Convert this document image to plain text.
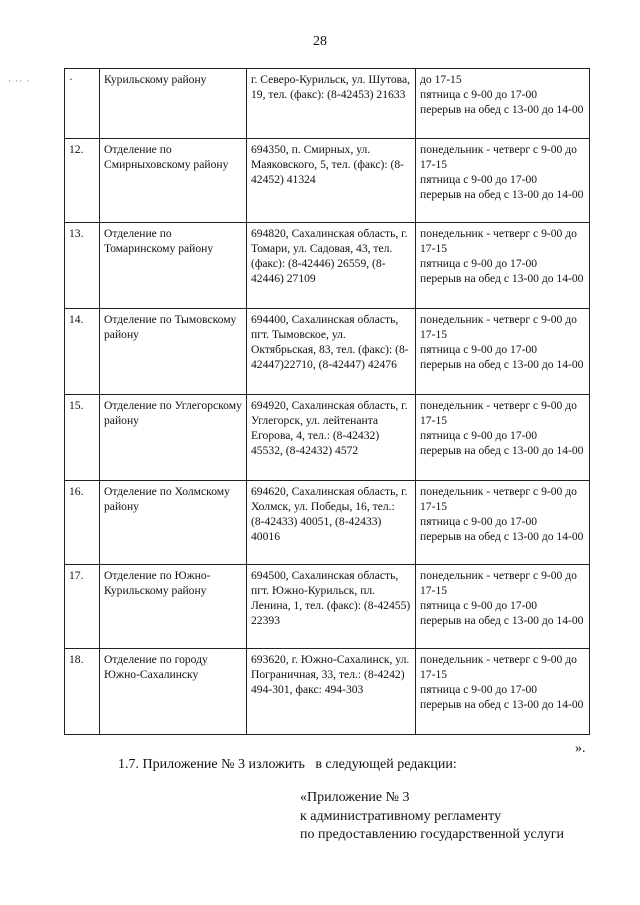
28
· ·· ·	·	Курильскому району	г. Северо-Курильск, ул. Шутова, 19, тел. (факс): (8-42453) 21633	до 17-15
пятница с 9-00 до 17-00
перерыв на обед с 13-00 до 14-00

12.	Отделение по Смирныховскому району	694350, п. Смирных, ул. Маяковского, 5, тел. (факс): (8-42452) 41324	понедельник - четверг с 9-00 до 17-15
пятница с 9-00 до 17-00
перерыв на обед с 13-00 до 14-00

13.	Отделение по Томаринскому району	694820, Сахалинская область, г. Томари, ул. Садовая, 43, тел. (факс): (8-42446) 26559, (8-42446) 27109	понедельник - четверг с 9-00 до 17-15
пятница с 9-00 до 17-00
перерыв на обед с 13-00 до 14-00

14.	Отделение по Тымовскому району	694400, Сахалинская область, пгт. Тымовское, ул. Октябрьская, 83, тел. (факс): (8-42447)22710, (8-42447) 42476	понедельник - четверг с 9-00 до 17-15
пятница с 9-00 до 17-00
перерыв на обед с 13-00 до 14-00

15.	Отделение по Углегорскому району	694920, Сахалинская область, г. Углегорск, ул. лейтенанта Егорова, 4, тел.: (8-42432) 45532, (8-42432) 4572	понедельник - четверг с 9-00 до 17-15
пятница с 9-00 до 17-00
перерыв на обед с 13-00 до 14-00

16.	Отделение по Холмскому району	694620, Сахалинская область, г. Холмск, ул. Победы, 16, тел.: (8-42433) 40051, (8-42433) 40016	понедельник - четверг с 9-00 до 17-15
пятница с 9-00 до 17-00
перерыв на обед с 13-00 до 14-00

17.	Отделение по Южно-Курильскому району	694500, Сахалинская область, пгт. Южно-Курильск, пл. Ленина, 1, тел. (факс): (8-42455) 22393	понедельник - четверг с 9-00 до 17-15
пятница с 9-00 до 17-00
перерыв на обед с 13-00 до 14-00

18.	Отделение по городу Южно-Сахалинску	693620, г. Южно-Сахалинск, ул. Пограничная, 33, тел.: (8-4242) 494-301, факс: 494-303	понедельник - четверг с 9-00 до 17-15
пятница с 9-00 до 17-00
перерыв на обед с 13-00 до 14-00
».
1.7. Приложение № 3 изложить   в следующей редакции:
«Приложение № 3
к административному регламенту
по предоставлению государственной услуги
